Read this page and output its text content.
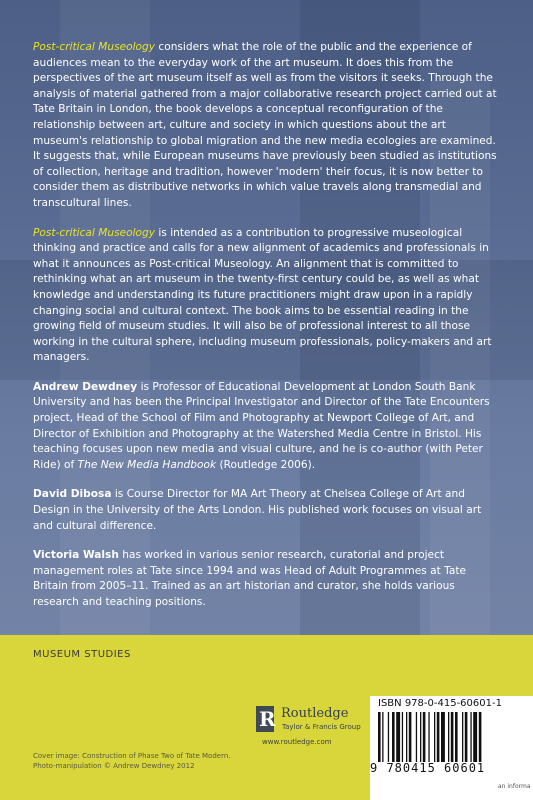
Post-critical Museology considers what the role of the public and the experience of audiences mean to the everyday work of the art museum. It does this from the perspectives of the art museum itself as well as from the visitors it seeks. Through the analysis of material gathered from a major collaborative research project carried out at Tate Britain in London, the book develops a conceptual reconfiguration of the relationship between art, culture and society in which questions about the art museum's relationship to global migration and the new media ecologies are examined. It suggests that, while European museums have previously been studied as institutions of collection, heritage and tradition, however 'modern' their focus, it is now better to consider them as distributive networks in which value travels along transmedial and transcultural lines.

Post-critical Museology is intended as a contribution to progressive museological thinking and practice and calls for a new alignment of academics and professionals in what it announces as Post-critical Museology. An alignment that is committed to rethinking what an art museum in the twenty-first century could be, as well as what knowledge and understanding its future practitioners might draw upon in a rapidly changing social and cultural context. The book aims to be essential reading in the growing field of museum studies. It will also be of professional interest to all those working in the cultural sphere, including museum professionals, policy-makers and art managers.

Andrew Dewdney is Professor of Educational Development at London South Bank University and has been the Principal Investigator and Director of the Tate Encounters project, Head of the School of Film and Photography at Newport College of Art, and Director of Exhibition and Photography at the Watershed Media Centre in Bristol. His teaching focuses upon new media and visual culture, and he is co-author (with Peter Ride) of The New Media Handbook (Routledge 2006).

David Dibosa is Course Director for MA Art Theory at Chelsea College of Art and Design in the University of the Arts London. His published work focuses on visual art and cultural difference.

Victoria Walsh has worked in various senior research, curatorial and project management roles at Tate since 1994 and was Head of Adult Programmes at Tate Britain from 2005–11. Trained as an art historian and curator, she holds various research and teaching positions.

MUSEUM STUDIES
R Routledge
Taylor & Francis Group
www.routledge.com
Cover image: Construction of Phase Two of Tate Modern.
Photo-manipulation © Andrew Dewdney 2012
ISBN 978-0-415-60601-1
9 780415 60601
an informa
